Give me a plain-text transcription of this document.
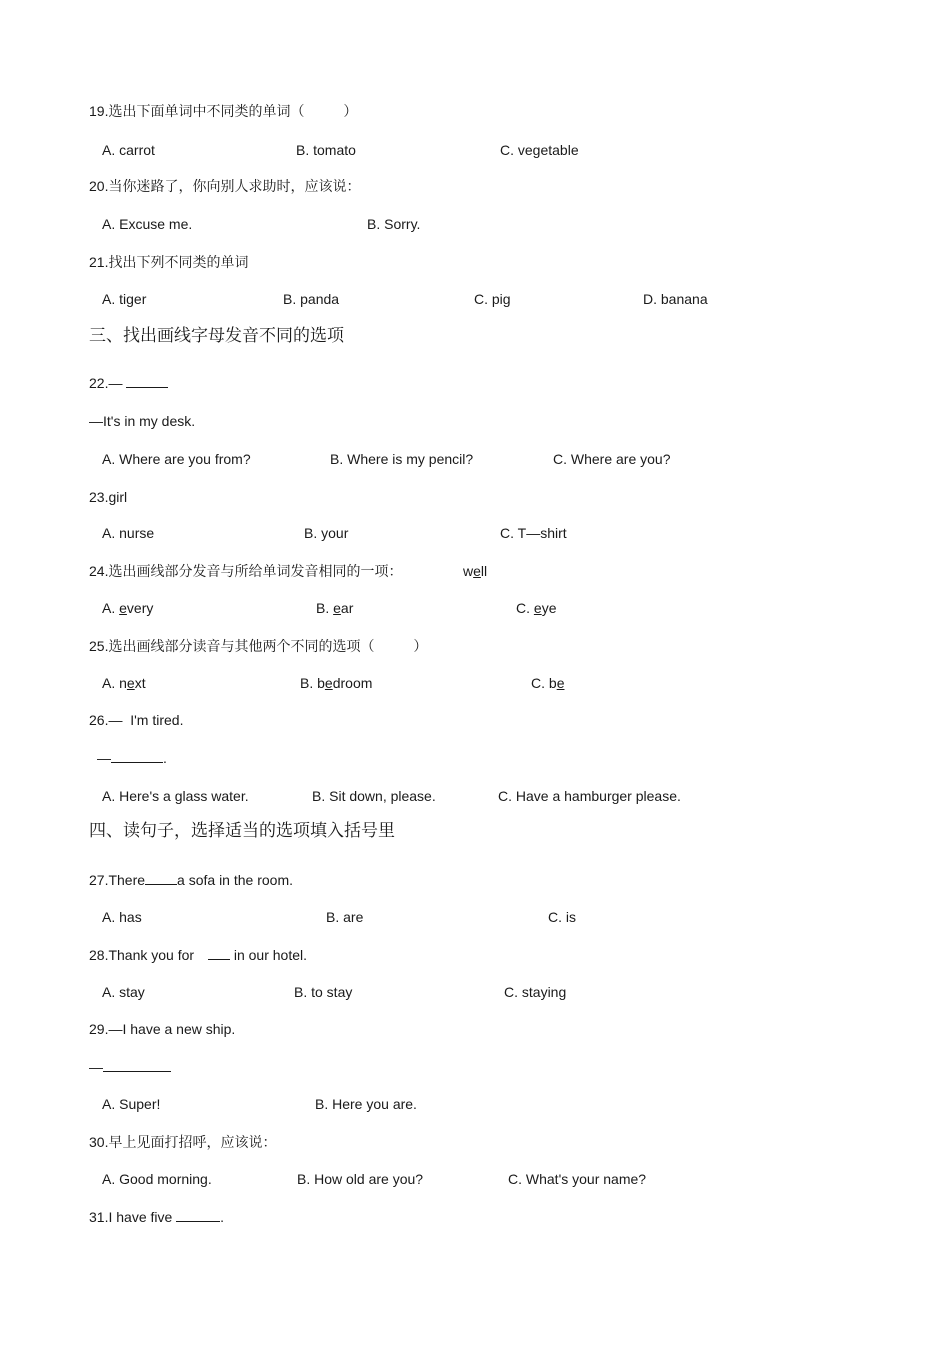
19.选出下面单词中不同类的单词（          ）
A. carrot	B. tomato	C. vegetable
20.当你迷路了，你向别人求助时，应该说：
A. Excuse me.	B. Sorry.
21.找出下列不同类的单词
A. tiger	B. panda	C. pig	D. banana
三、找出画线字母发音不同的选项
22.—
—It's in my desk.
A. Where are you from?	B. Where is my pencil?	C. Where are you?
23.girl
A. nurse	B. your	C. T—shirt
24.选出画线部分发音与所给单词发音相同的一项：	well
A. every	B. ear	C. eye
25.选出画线部分读音与其他两个不同的选项（          ）
A. next	B. bedroom	C. be
26.—  I'm tired.
—	.
A. Here's a glass water.	B. Sit down, please.	C. Have a hamburger please.
四、读句子，选择适当的选项填入括号里
27.There a sofa in the room.
A. has	B. are	C. is
28.Thank you for  in our hotel.
A. stay	B. to stay	C. staying
29.—I have a new ship.
—
A. Super!	B. Here you are.
30.早上见面打招呼，应该说：
A. Good morning.	B. How old are you?	C. What's your name?
31.I have five	.
